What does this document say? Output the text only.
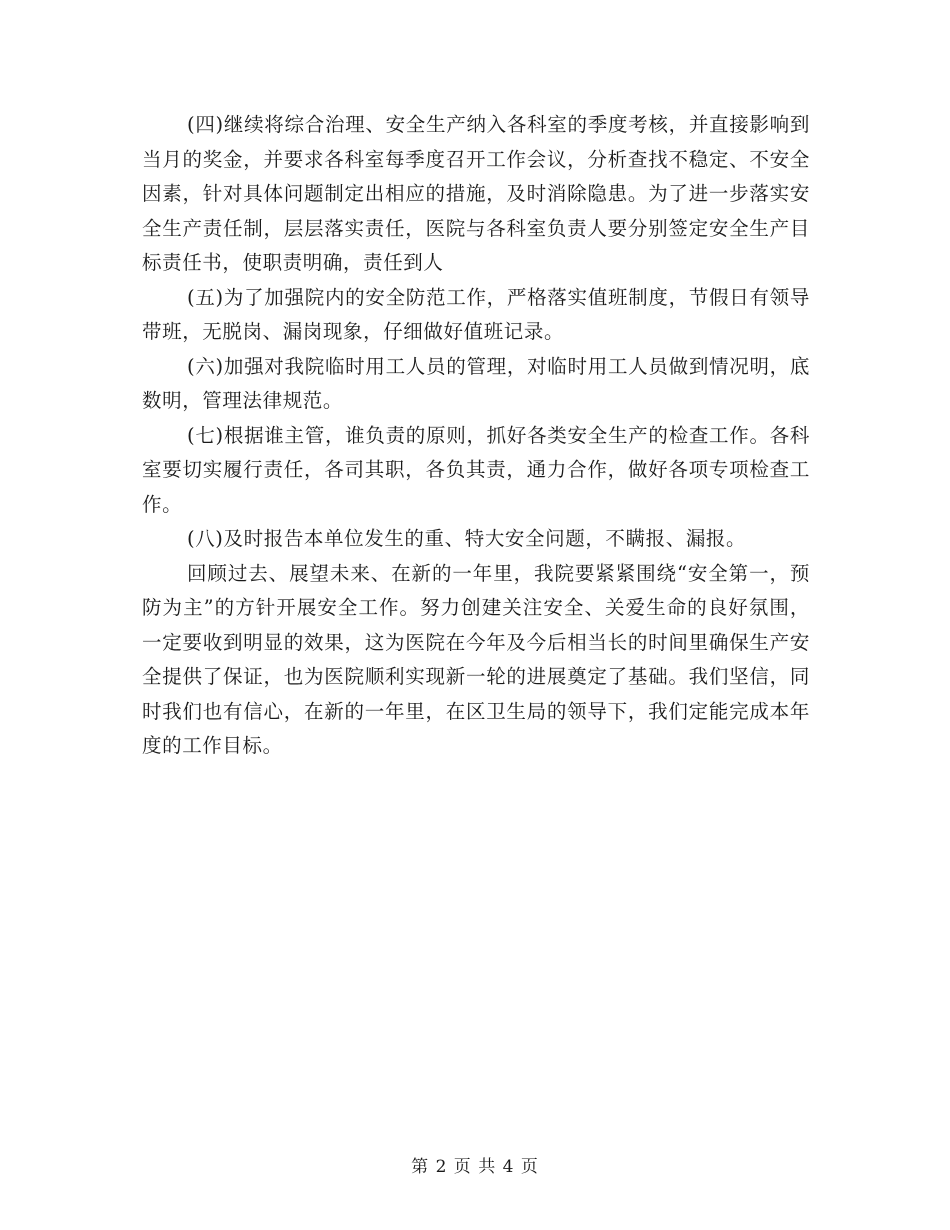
(四)继续将综合治理、安全生产纳入各科室的季度考核，并直接影响到当月的奖金，并要求各科室每季度召开工作会议，分析查找不稳定、不安全因素，针对具体问题制定出相应的措施，及时消除隐患。为了进一步落实安全生产责任制，层层落实责任，医院与各科室负责人要分别签定安全生产目标责任书，使职责明确，责任到人

(五)为了加强院内的安全防范工作，严格落实值班制度，节假日有领导带班，无脱岗、漏岗现象，仔细做好值班记录。

(六)加强对我院临时用工人员的管理，对临时用工人员做到情况明，底数明，管理法律规范。

(七)根据谁主管，谁负责的原则，抓好各类安全生产的检查工作。各科室要切实履行责任，各司其职，各负其责，通力合作，做好各项专项检查工作。

(八)及时报告本单位发生的重、特大安全问题，不瞒报、漏报。

回顾过去、展望未来、在新的一年里，我院要紧紧围绕“安全第一，预防为主”的方针开展安全工作。努力创建关注安全、关爱生命的良好氛围，一定要收到明显的效果，这为医院在今年及今后相当长的时间里确保生产安全提供了保证，也为医院顺利实现新一轮的进展奠定了基础。我们坚信，同时我们也有信心，在新的一年里，在区卫生局的领导下，我们定能完成本年度的工作目标。

第 2 页 共 4 页
